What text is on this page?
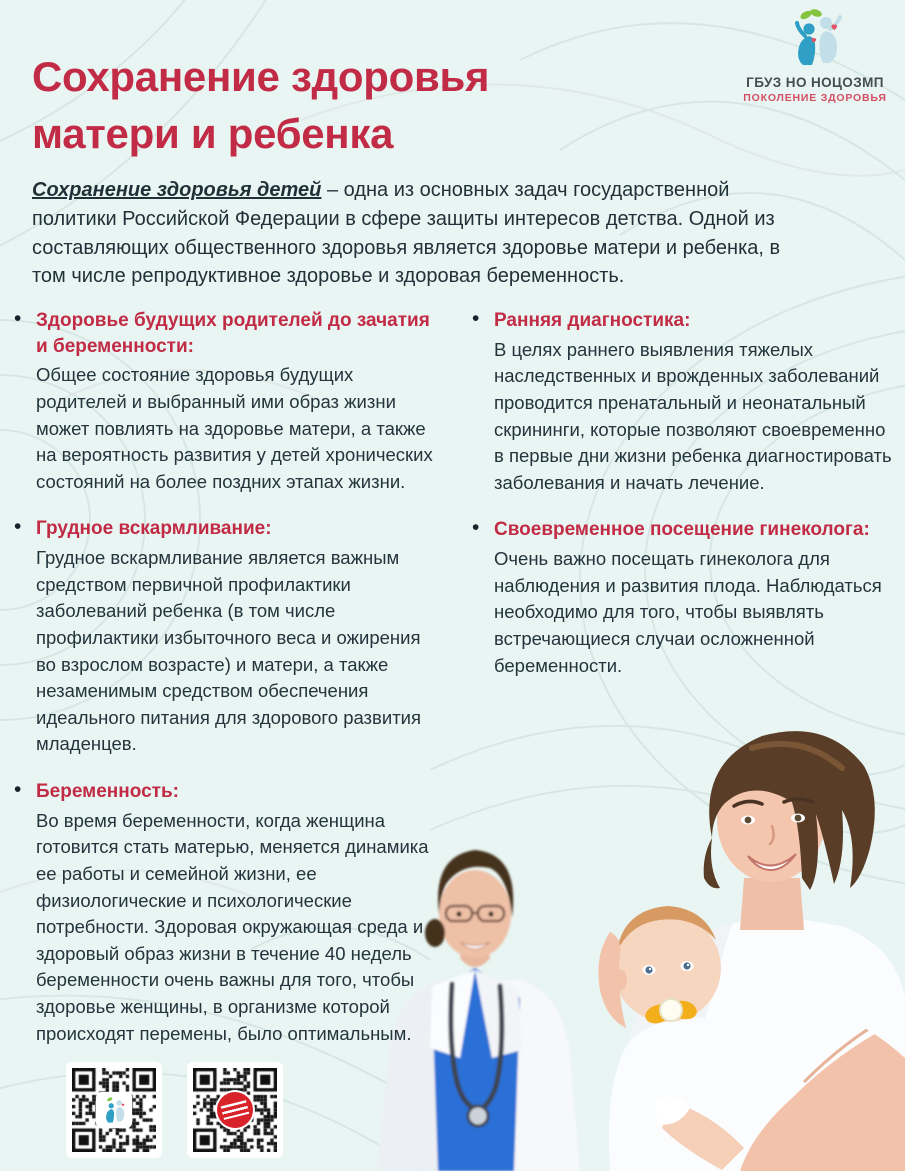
Сохранение здоровья
матери и ребенка
ГБУЗ НО НОЦОЗМП
ПОКОЛЕНИЕ ЗДОРОВЬЯ

Сохранение здоровья детей – одна из основных задач государственной политики Российской Федерации в сфере защиты интересов детства. Одной из составляющих общественного здоровья является здоровье матери и ребенка, в том числе репродуктивное здоровье и здоровая беременность.

• Здоровье будущих родителей до зачатия и беременности:

Общее состояние здоровья будущих родителей и выбранный ими образ жизни может повлиять на здоровье матери, а также на вероятность развития у детей хронических состояний на более поздних этапах жизни.

• Грудное вскармливание:

Грудное вскармливание является важным средством первичной профилактики заболеваний ребенка (в том числе профилактики избыточного веса и ожирения во взрослом возрасте) и матери, а также незаменимым средством обеспечения идеального питания для здорового развития младенцев.

• Беременность:

Во время беременности, когда женщина готовится стать матерью, меняется динамика ее работы и семейной жизни, ее физиологические и психологические потребности. Здоровая окружающая среда и здоровый образ жизни в течение 40 недель беременности очень важны для того, чтобы здоровье женщины, в организме которой происходят перемены, было оптимальным.

• Ранняя диагностика:

В целях раннего выявления тяжелых наследственных и врожденных заболеваний проводится пренатальный и неонатальный скрининги, которые позволяют своевременно в первые дни жизни ребенка диагностировать заболевания и начать лечение.

• Своевременное посещение гинеколога:

Очень важно посещать гинеколога для наблюдения и развития плода. Наблюдаться необходимо для того, чтобы выявлять встречающиеся случаи осложненной беременности.
